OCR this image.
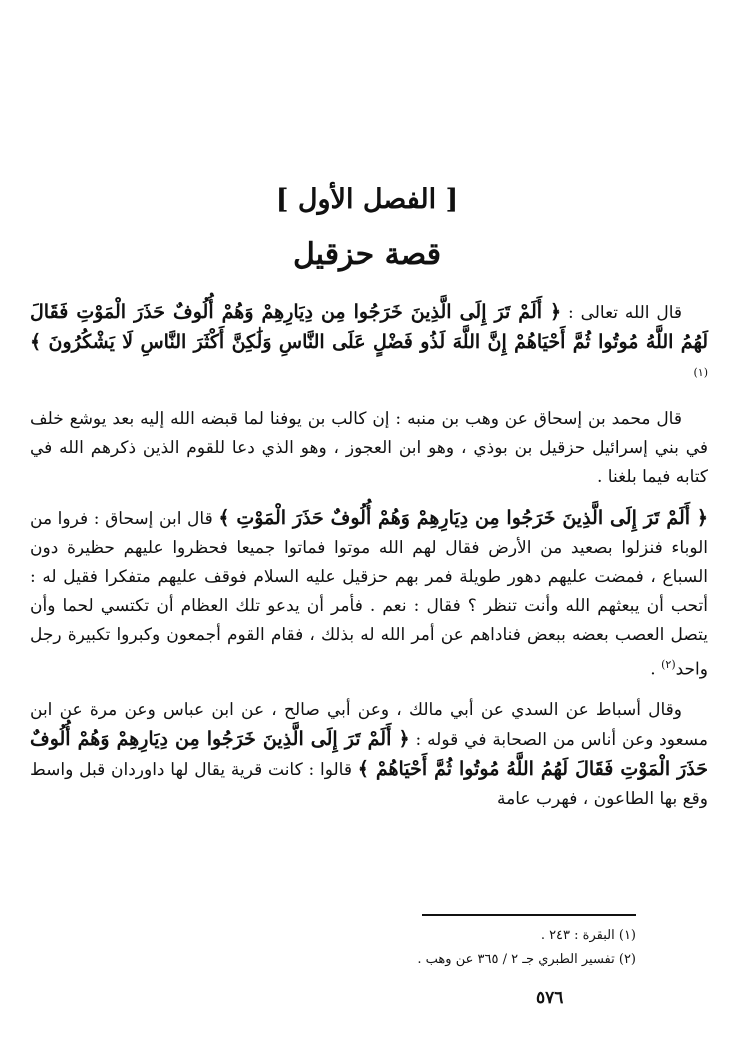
[ الفصل الأول ]
قصة حزقيل

قال الله تعالى : ﴿ أَلَمْ تَرَ إِلَى الَّذِينَ خَرَجُوا مِن دِيَارِهِمْ وَهُمْ أُلُوفٌ حَذَرَ الْمَوْتِ فَقَالَ لَهُمُ اللَّهُ مُوتُوا ثُمَّ أَحْيَاهُمْ إِنَّ اللَّهَ لَذُو فَضْلٍ عَلَى النَّاسِ وَلَٰكِنَّ أَكْثَرَ النَّاسِ لَا يَشْكُرُونَ ﴾ $^{(١)}$

قال محمد بن إسحاق عن وهب بن منبه : إن كالب بن يوفنا لما قبضه الله إليه بعد يوشع خلف في بني إسرائيل حزقيل بن بوذي ، وهو ابن العجوز ، وهو الذي دعا للقوم الذين ذكرهم الله في كتابه فيما بلغنا .

﴿ أَلَمْ تَرَ إِلَى الَّذِينَ خَرَجُوا مِن دِيَارِهِمْ وَهُمْ أُلُوفٌ حَذَرَ الْمَوْتِ ﴾ قال ابن إسحاق : فروا من الوباء فنزلوا بصعيد من الأرض فقال لهم الله موتوا فماتوا جميعا فحظروا عليهم حظيرة دون السباع ، فمضت عليهم دهور طويلة فمر بهم حزقيل عليه السلام فوقف عليهم متفكرا فقيل له : أتحب أن يبعثهم الله وأنت تنظر ؟ فقال : نعم . فأمر أن يدعو تلك العظام أن تكتسي لحما وأن يتصل العصب بعضه ببعض فناداهم عن أمر الله له بذلك ، فقام القوم أجمعون وكبروا تكبيرة رجل واحد$^{(٢)}$ .

وقال أسباط عن السدي عن أبي مالك ، وعن أبي صالح ، عن ابن عباس وعن مرة عن ابن مسعود وعن أناس من الصحابة في قوله : ﴿ أَلَمْ تَرَ إِلَى الَّذِينَ خَرَجُوا مِن دِيَارِهِمْ وَهُمْ أُلُوفٌ حَذَرَ الْمَوْتِ فَقَالَ لَهُمُ اللَّهُ مُوتُوا ثُمَّ أَحْيَاهُمْ ﴾ قالوا : كانت قرية يقال لها داوردان قبل واسط وقع بها الطاعون ، فهرب عامة

(١) البقرة : ٢٤٣ .
(٢) تفسير الطبري جـ ٢ / ٣٦٥ عن وهب .
٥٧٦
